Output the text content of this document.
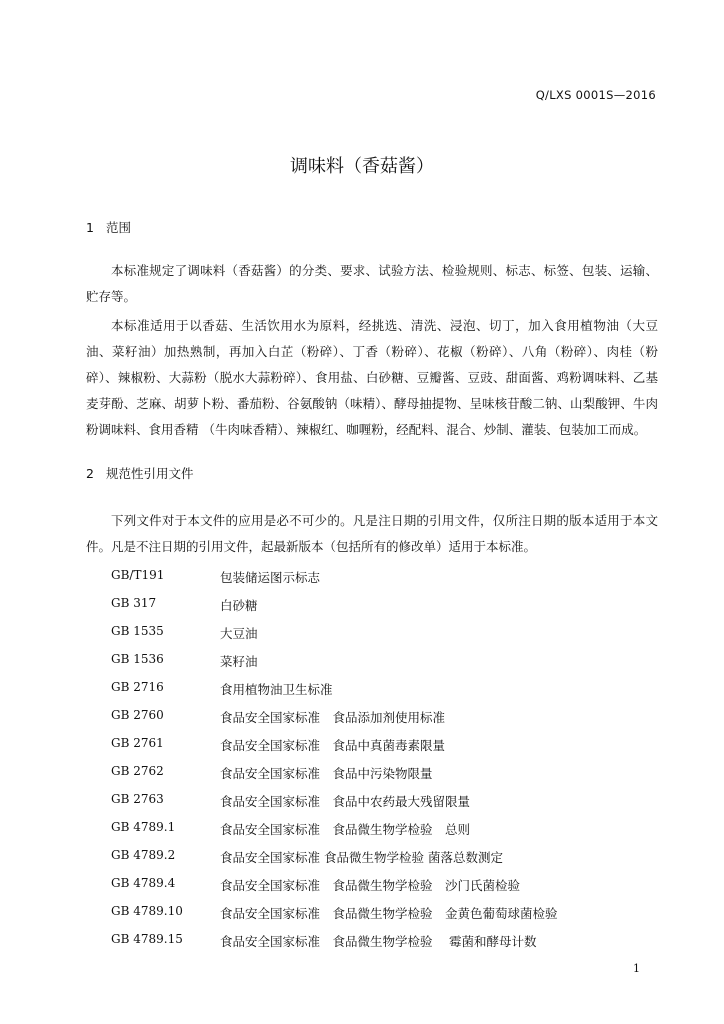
Q/LXS 0001S—2016
调味料（香菇酱）
1 范围
本标准规定了调味料（香菇酱）的分类、要求、试验方法、检验规则、标志、标签、包装、运输、贮存等。
本标准适用于以香菇、生活饮用水为原料，经挑选、清洗、浸泡、切丁，加入食用植物油（大豆油、菜籽油）加热熟制，再加入白芷（粉碎）、丁香（粉碎）、花椒（粉碎）、八角（粉碎）、肉桂（粉碎）、辣椒粉、大蒜粉（脱水大蒜粉碎）、食用盐、白砂糖、豆瓣酱、豆豉、甜面酱、鸡粉调味料、乙基麦芽酚、芝麻、胡萝卜粉、番茄粉、谷氨酸钠（味精）、酵母抽提物、呈味核苷酸二钠、山梨酸钾、牛肉粉调味料、食用香精 （牛肉味香精）、辣椒红、咖喱粉，经配料、混合、炒制、灌装、包装加工而成。
2 规范性引用文件
下列文件对于本文件的应用是必不可少的。凡是注日期的引用文件，仅所注日期的版本适用于本文件。凡是不注日期的引用文件，起最新版本（包括所有的修改单）适用于本标准。
GB/T191	包装储运图示标志
GB 317	白砂糖
GB 1535	大豆油
GB 1536	菜籽油
GB 2716	食用植物油卫生标准
GB 2760	食品安全国家标准　食品添加剂使用标准
GB 2761	食品安全国家标准　食品中真菌毒素限量
GB 2762	食品安全国家标准　食品中污染物限量
GB 2763	食品安全国家标准　食品中农药最大残留限量
GB 4789.1	食品安全国家标准　食品微生物学检验　总则
GB 4789.2	食品安全国家标准 食品微生物学检验 菌落总数测定
GB 4789.4	食品安全国家标准　食品微生物学检验　沙门氏菌检验
GB 4789.10	食品安全国家标准　食品微生物学检验　金黄色葡萄球菌检验
GB 4789.15	食品安全国家标准　食品微生物学检验　 霉菌和酵母计数
1
